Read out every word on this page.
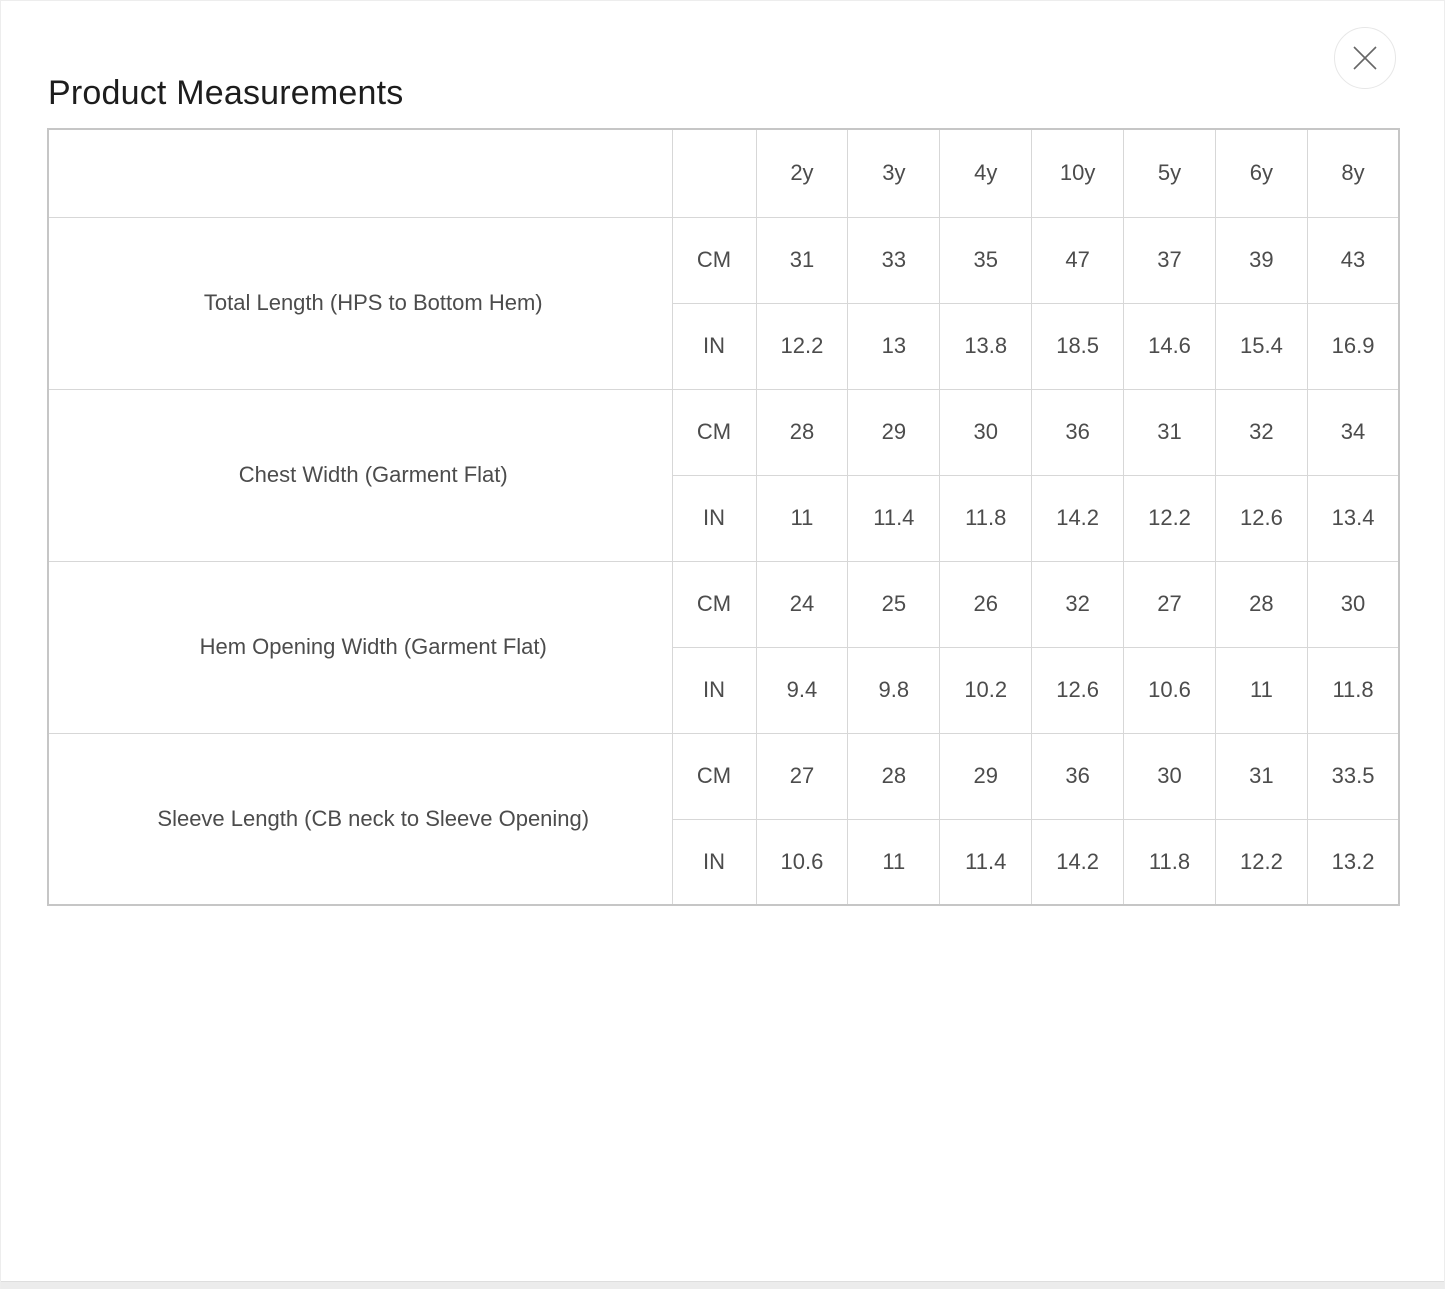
Product Measurements
		2y	3y	4y	10y	5y	6y	8y
Total Length (HPS to Bottom Hem)	CM	31	33	35	47	37	39	43
	IN	12.2	13	13.8	18.5	14.6	15.4	16.9
Chest Width (Garment Flat)	CM	28	29	30	36	31	32	34
	IN	11	11.4	11.8	14.2	12.2	12.6	13.4
Hem Opening Width (Garment Flat)	CM	24	25	26	32	27	28	30
	IN	9.4	9.8	10.2	12.6	10.6	11	11.8
Sleeve Length (CB neck to Sleeve Opening)	CM	27	28	29	36	30	31	33.5
	IN	10.6	11	11.4	14.2	11.8	12.2	13.2
